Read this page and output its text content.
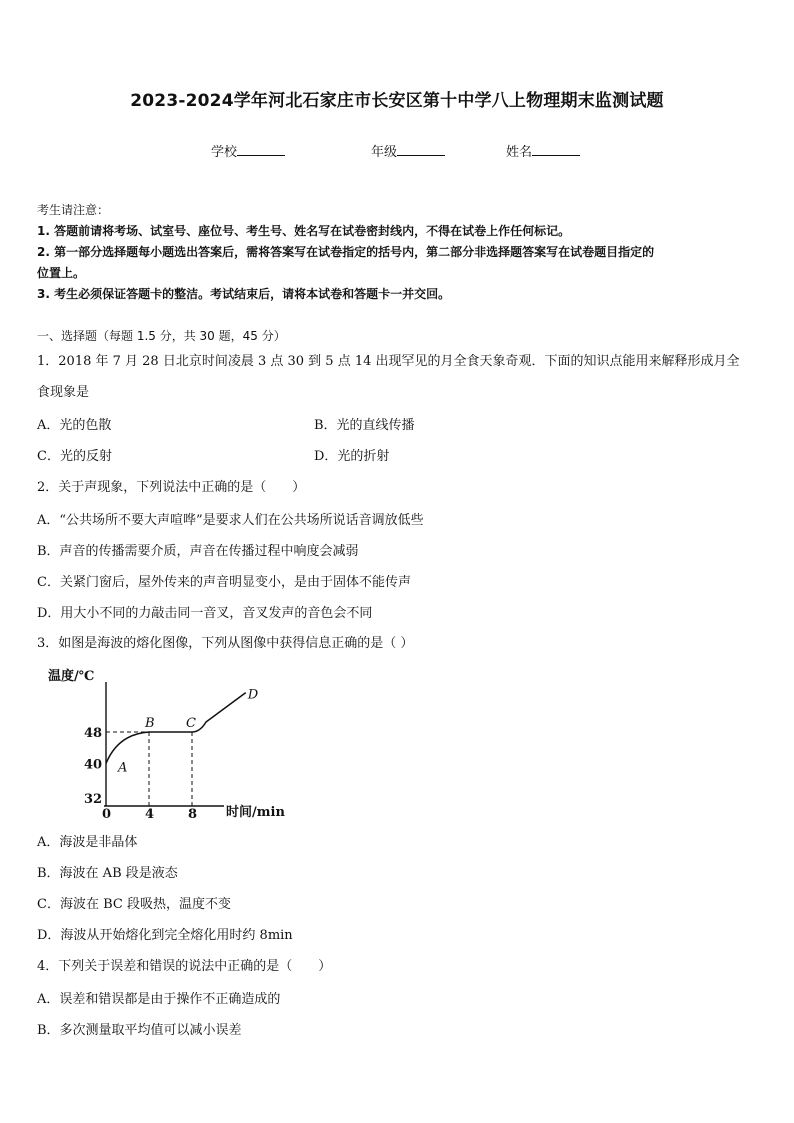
2023-2024学年河北石家庄市长安区第十中学八上物理期末监测试题
学校	年级	姓名
考生请注意：
1. 答题前请将考场、试室号、座位号、考生号、姓名写在试卷密封线内，不得在试卷上作任何标记。
2. 第一部分选择题每小题选出答案后，需将答案写在试卷指定的括号内，第二部分非选择题答案写在试卷题目指定的
位置上。
3. 考生必须保证答题卡的整洁。考试结束后，请将本试卷和答题卡一并交回。
一、选择题（每题 1.5 分，共 30 题，45 分）
1．2018 年 7 月 28 日北京时间凌晨 3 点 30 到 5 点 14 出现罕见的月全食天象奇观．下面的知识点能用来解释形成月全
食现象是
A．光的色散	B．光的直线传播
C．光的反射	D．光的折射
2．关于声现象，下列说法中正确的是（　　）
A．“公共场所不要大声喧哗”是要求人们在公共场所说话音调放低些
B．声音的传播需要介质，声音在传播过程中响度会减弱
C．关紧门窗后，屋外传来的声音明显变小，是由于固体不能传声
D．用大小不同的力敲击同一音叉，音叉发声的音色会不同
3．如图是海波的熔化图像，下列从图像中获得信息正确的是（ ）
温度/℃
时间/min
32
40
48
0	4	8
A
B C
D
A．海波是非晶体
B．海波在 AB 段是液态
C．海波在 BC 段吸热，温度不变
D．海波从开始熔化到完全熔化用时约 8min
4．下列关于误差和错误的说法中正确的是（　　）
A．误差和错误都是由于操作不正确造成的
B．多次测量取平均值可以减小误差
